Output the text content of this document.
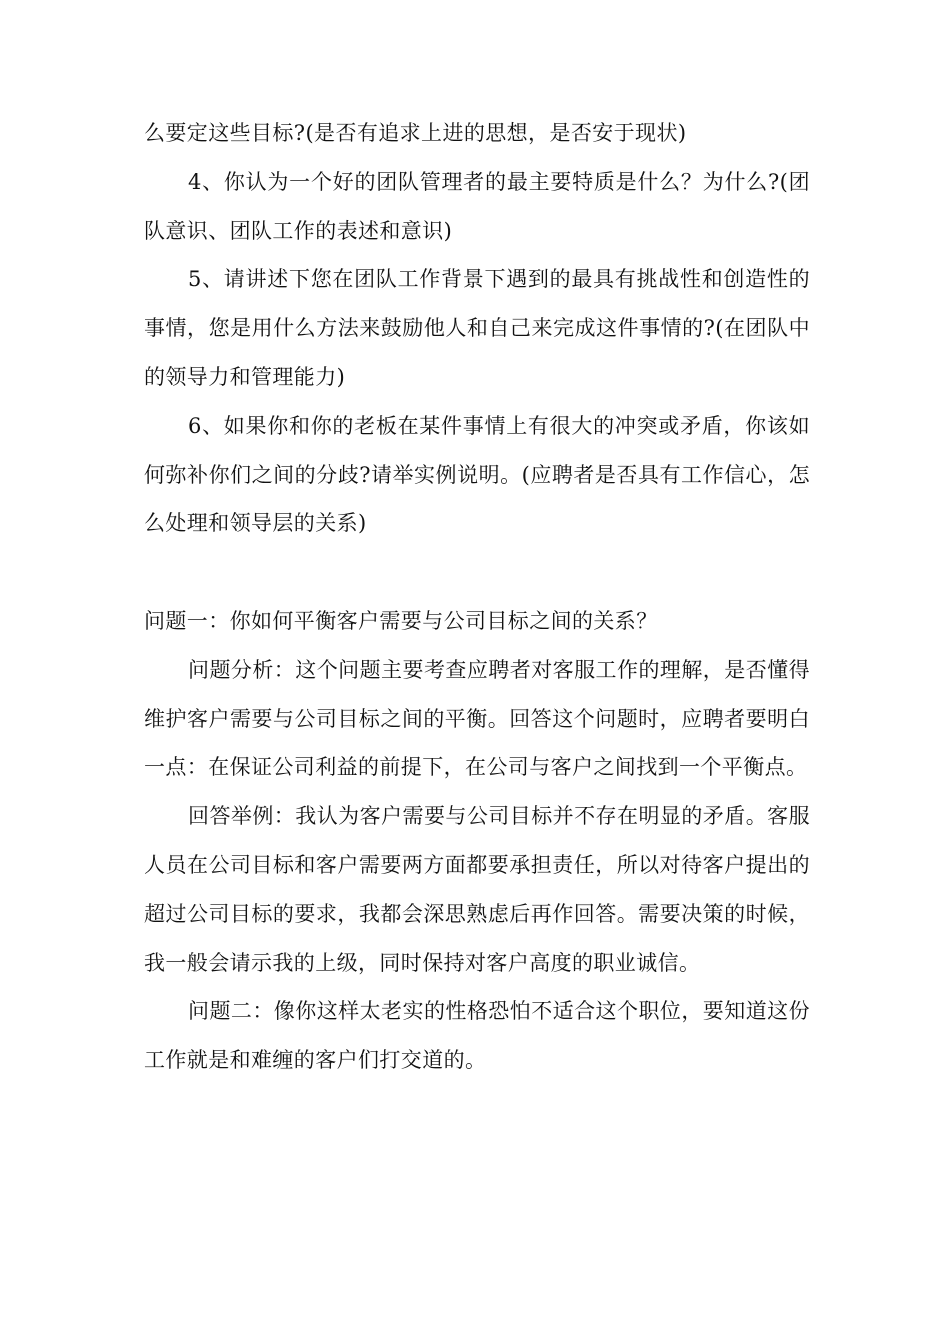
么要定这些目标?(是否有追求上进的思想，是否安于现状)

4、你认为一个好的团队管理者的最主要特质是什么？为什么?(团队意识、团队工作的表述和意识)

5、请讲述下您在团队工作背景下遇到的最具有挑战性和创造性的事情，您是用什么方法来鼓励他人和自己来完成这件事情的?(在团队中的领导力和管理能力)

6、如果你和你的老板在某件事情上有很大的冲突或矛盾，你该如何弥补你们之间的分歧?请举实例说明。(应聘者是否具有工作信心，怎么处理和领导层的关系)

问题一：你如何平衡客户需要与公司目标之间的关系？

问题分析：这个问题主要考查应聘者对客服工作的理解，是否懂得维护客户需要与公司目标之间的平衡。回答这个问题时，应聘者要明白一点：在保证公司利益的前提下，在公司与客户之间找到一个平衡点。

回答举例：我认为客户需要与公司目标并不存在明显的矛盾。客服人员在公司目标和客户需要两方面都要承担责任，所以对待客户提出的超过公司目标的要求，我都会深思熟虑后再作回答。需要决策的时候，我一般会请示我的上级，同时保持对客户高度的职业诚信。

问题二：像你这样太老实的性格恐怕不适合这个职位，要知道这份工作就是和难缠的客户们打交道的。
